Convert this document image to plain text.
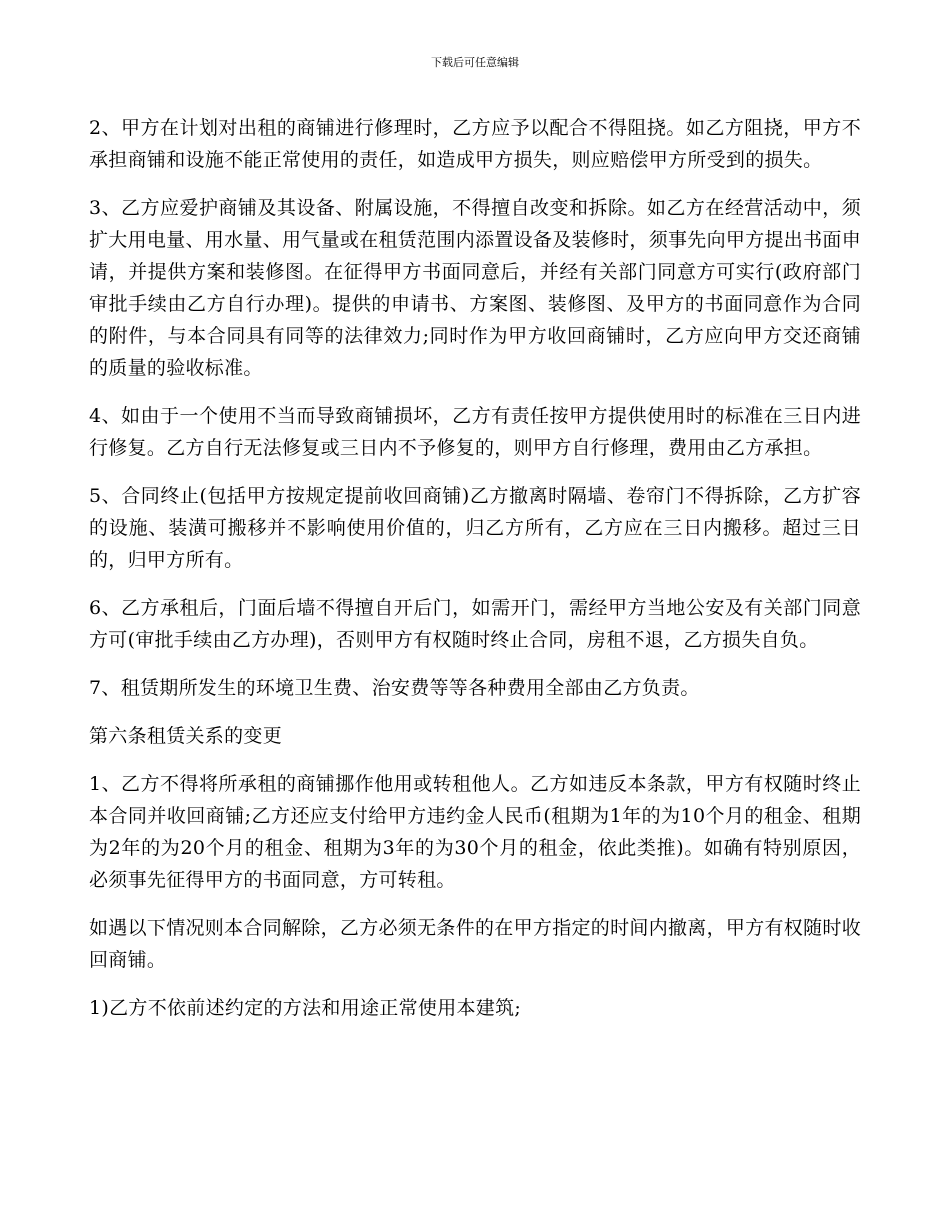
下载后可任意编辑

2、甲方在计划对出租的商铺进行修理时，乙方应予以配合不得阻挠。如乙方阻挠，甲方不承担商铺和设施不能正常使用的责任，如造成甲方损失，则应赔偿甲方所受到的损失。

3、乙方应爱护商铺及其设备、附属设施，不得擅自改变和拆除。如乙方在经营活动中，须扩大用电量、用水量、用气量或在租赁范围内添置设备及装修时，须事先向甲方提出书面申请，并提供方案和装修图。在征得甲方书面同意后，并经有关部门同意方可实行(政府部门审批手续由乙方自行办理)。提供的申请书、方案图、装修图、及甲方的书面同意作为合同的附件，与本合同具有同等的法律效力;同时作为甲方收回商铺时，乙方应向甲方交还商铺的质量的验收标准。

4、如由于一个使用不当而导致商铺损坏，乙方有责任按甲方提供使用时的标准在三日内进行修复。乙方自行无法修复或三日内不予修复的，则甲方自行修理，费用由乙方承担。

5、合同终止(包括甲方按规定提前收回商铺)乙方撤离时隔墙、卷帘门不得拆除，乙方扩容的设施、装潢可搬移并不影响使用价值的，归乙方所有，乙方应在三日内搬移。超过三日的，归甲方所有。

6、乙方承租后，门面后墙不得擅自开后门，如需开门，需经甲方当地公安及有关部门同意方可(审批手续由乙方办理)，否则甲方有权随时终止合同，房租不退，乙方损失自负。

7、租赁期所发生的环境卫生费、治安费等等各种费用全部由乙方负责。

第六条租赁关系的变更

1、乙方不得将所承租的商铺挪作他用或转租他人。乙方如违反本条款，甲方有权随时终止本合同并收回商铺;乙方还应支付给甲方违约金人民币(租期为1年的为10个月的租金、租期为2年的为20个月的租金、租期为3年的为30个月的租金，依此类推)。如确有特别原因，必须事先征得甲方的书面同意，方可转租。

如遇以下情况则本合同解除，乙方必须无条件的在甲方指定的时间内撤离，甲方有权随时收回商铺。

1)乙方不依前述约定的方法和用途正常使用本建筑;
